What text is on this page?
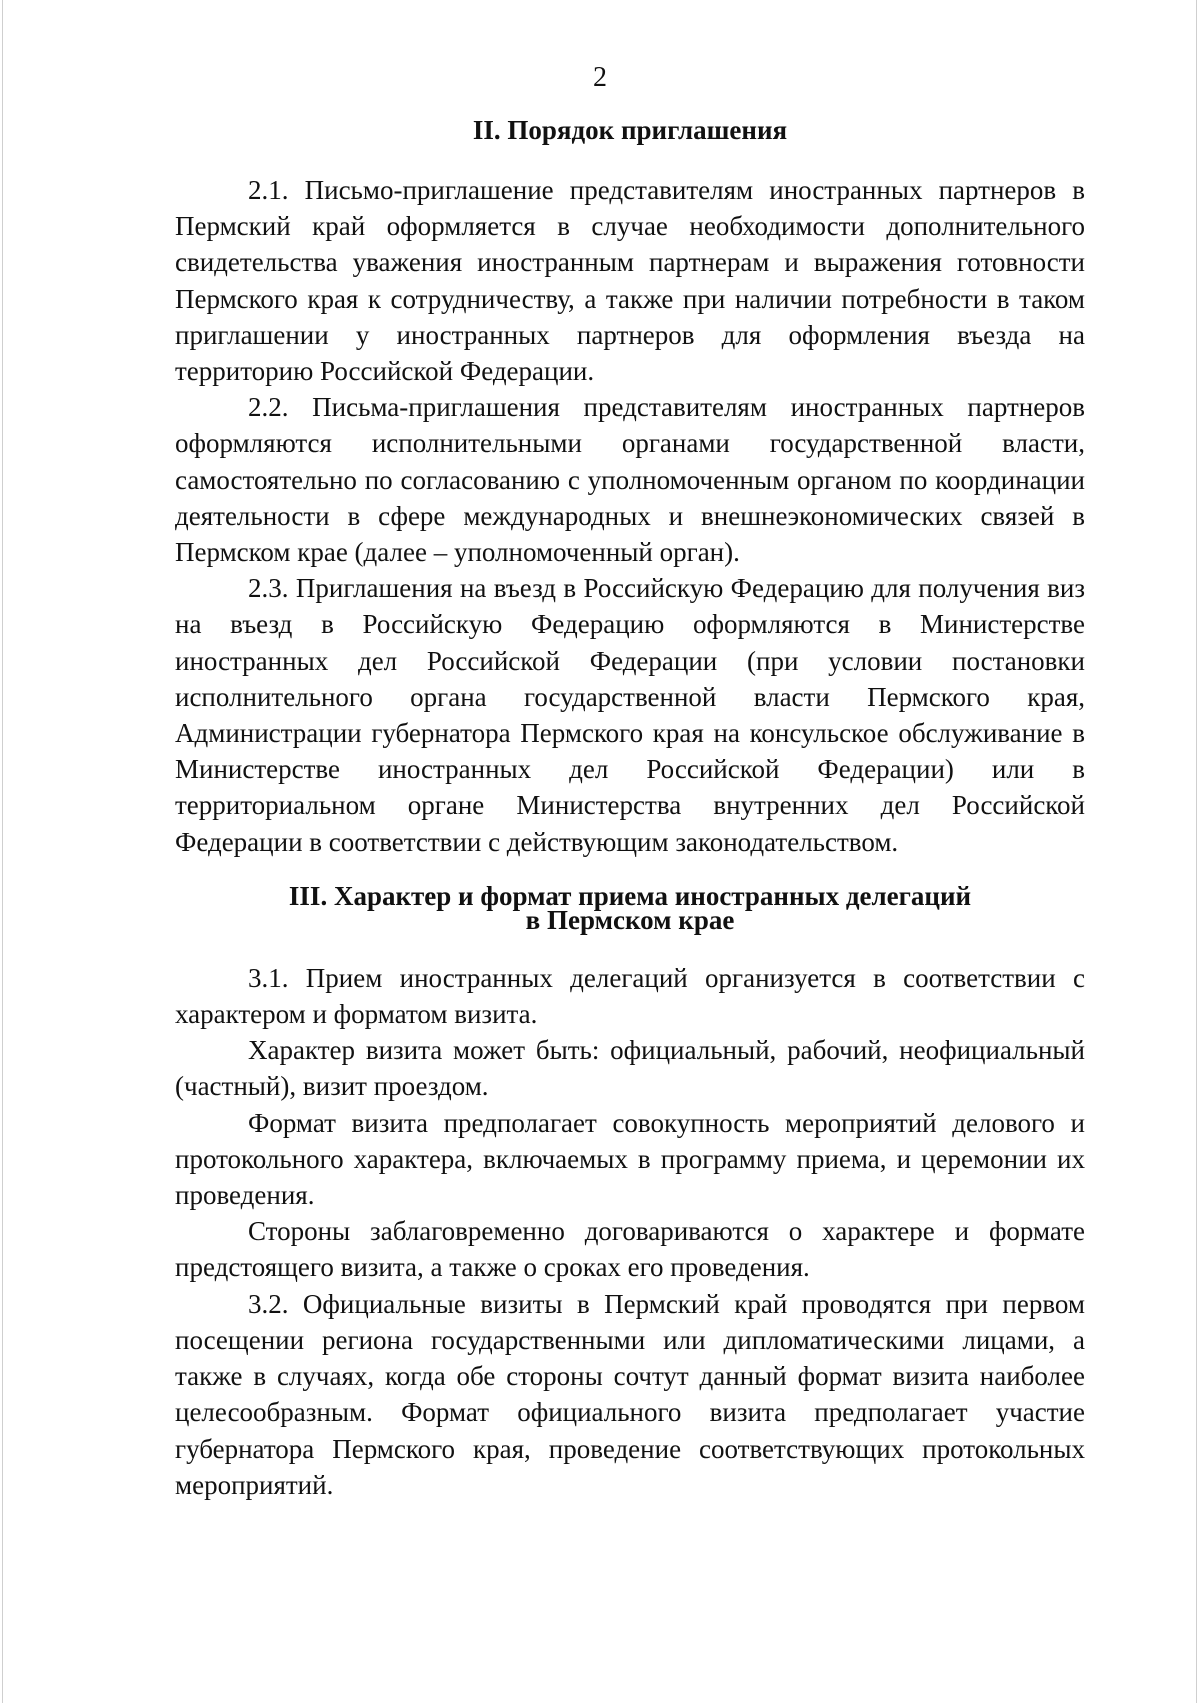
2
II. Порядок приглашения

2.1. Письмо-приглашение представителям иностранных партнеров в Пермский край оформляется в случае необходимости дополнительного свидетельства уважения иностранным партнерам и выражения готовности Пермского края к сотрудничеству, а также при наличии потребности в таком приглашении у иностранных партнеров для оформления въезда на территорию Российской Федерации.

2.2. Письма-приглашения представителям иностранных партнеров оформляются исполнительными органами государственной власти, самостоятельно по согласованию с уполномоченным органом по координации деятельности в сфере международных и внешнеэкономических связей в Пермском крае (далее – уполномоченный орган).

2.3. Приглашения на въезд в Российскую Федерацию для получения виз на въезд в Российскую Федерацию оформляются в Министерстве иностранных дел Российской Федерации (при условии постановки исполнительного органа государственной власти Пермского края, Администрации губернатора Пермского края на консульское обслуживание в Министерстве иностранных дел Российской Федерации) или в территориальном органе Министерства внутренних дел Российской Федерации в соответствии с действующим законодательством.

III. Характер и формат приема иностранных делегаций
в Пермском крае

3.1. Прием иностранных делегаций организуется в соответствии с характером и форматом визита.

Характер визита может быть: официальный, рабочий, неофициальный (частный), визит проездом.

Формат визита предполагает совокупность мероприятий делового и протокольного характера, включаемых в программу приема, и церемонии их проведения.

Стороны заблаговременно договариваются о характере и формате предстоящего визита, а также о сроках его проведения.

3.2. Официальные визиты в Пермский край проводятся при первом посещении региона государственными или дипломатическими лицами, а также в случаях, когда обе стороны сочтут данный формат визита наиболее целесообразным. Формат официального визита предполагает участие губернатора Пермского края, проведение соответствующих протокольных мероприятий.
